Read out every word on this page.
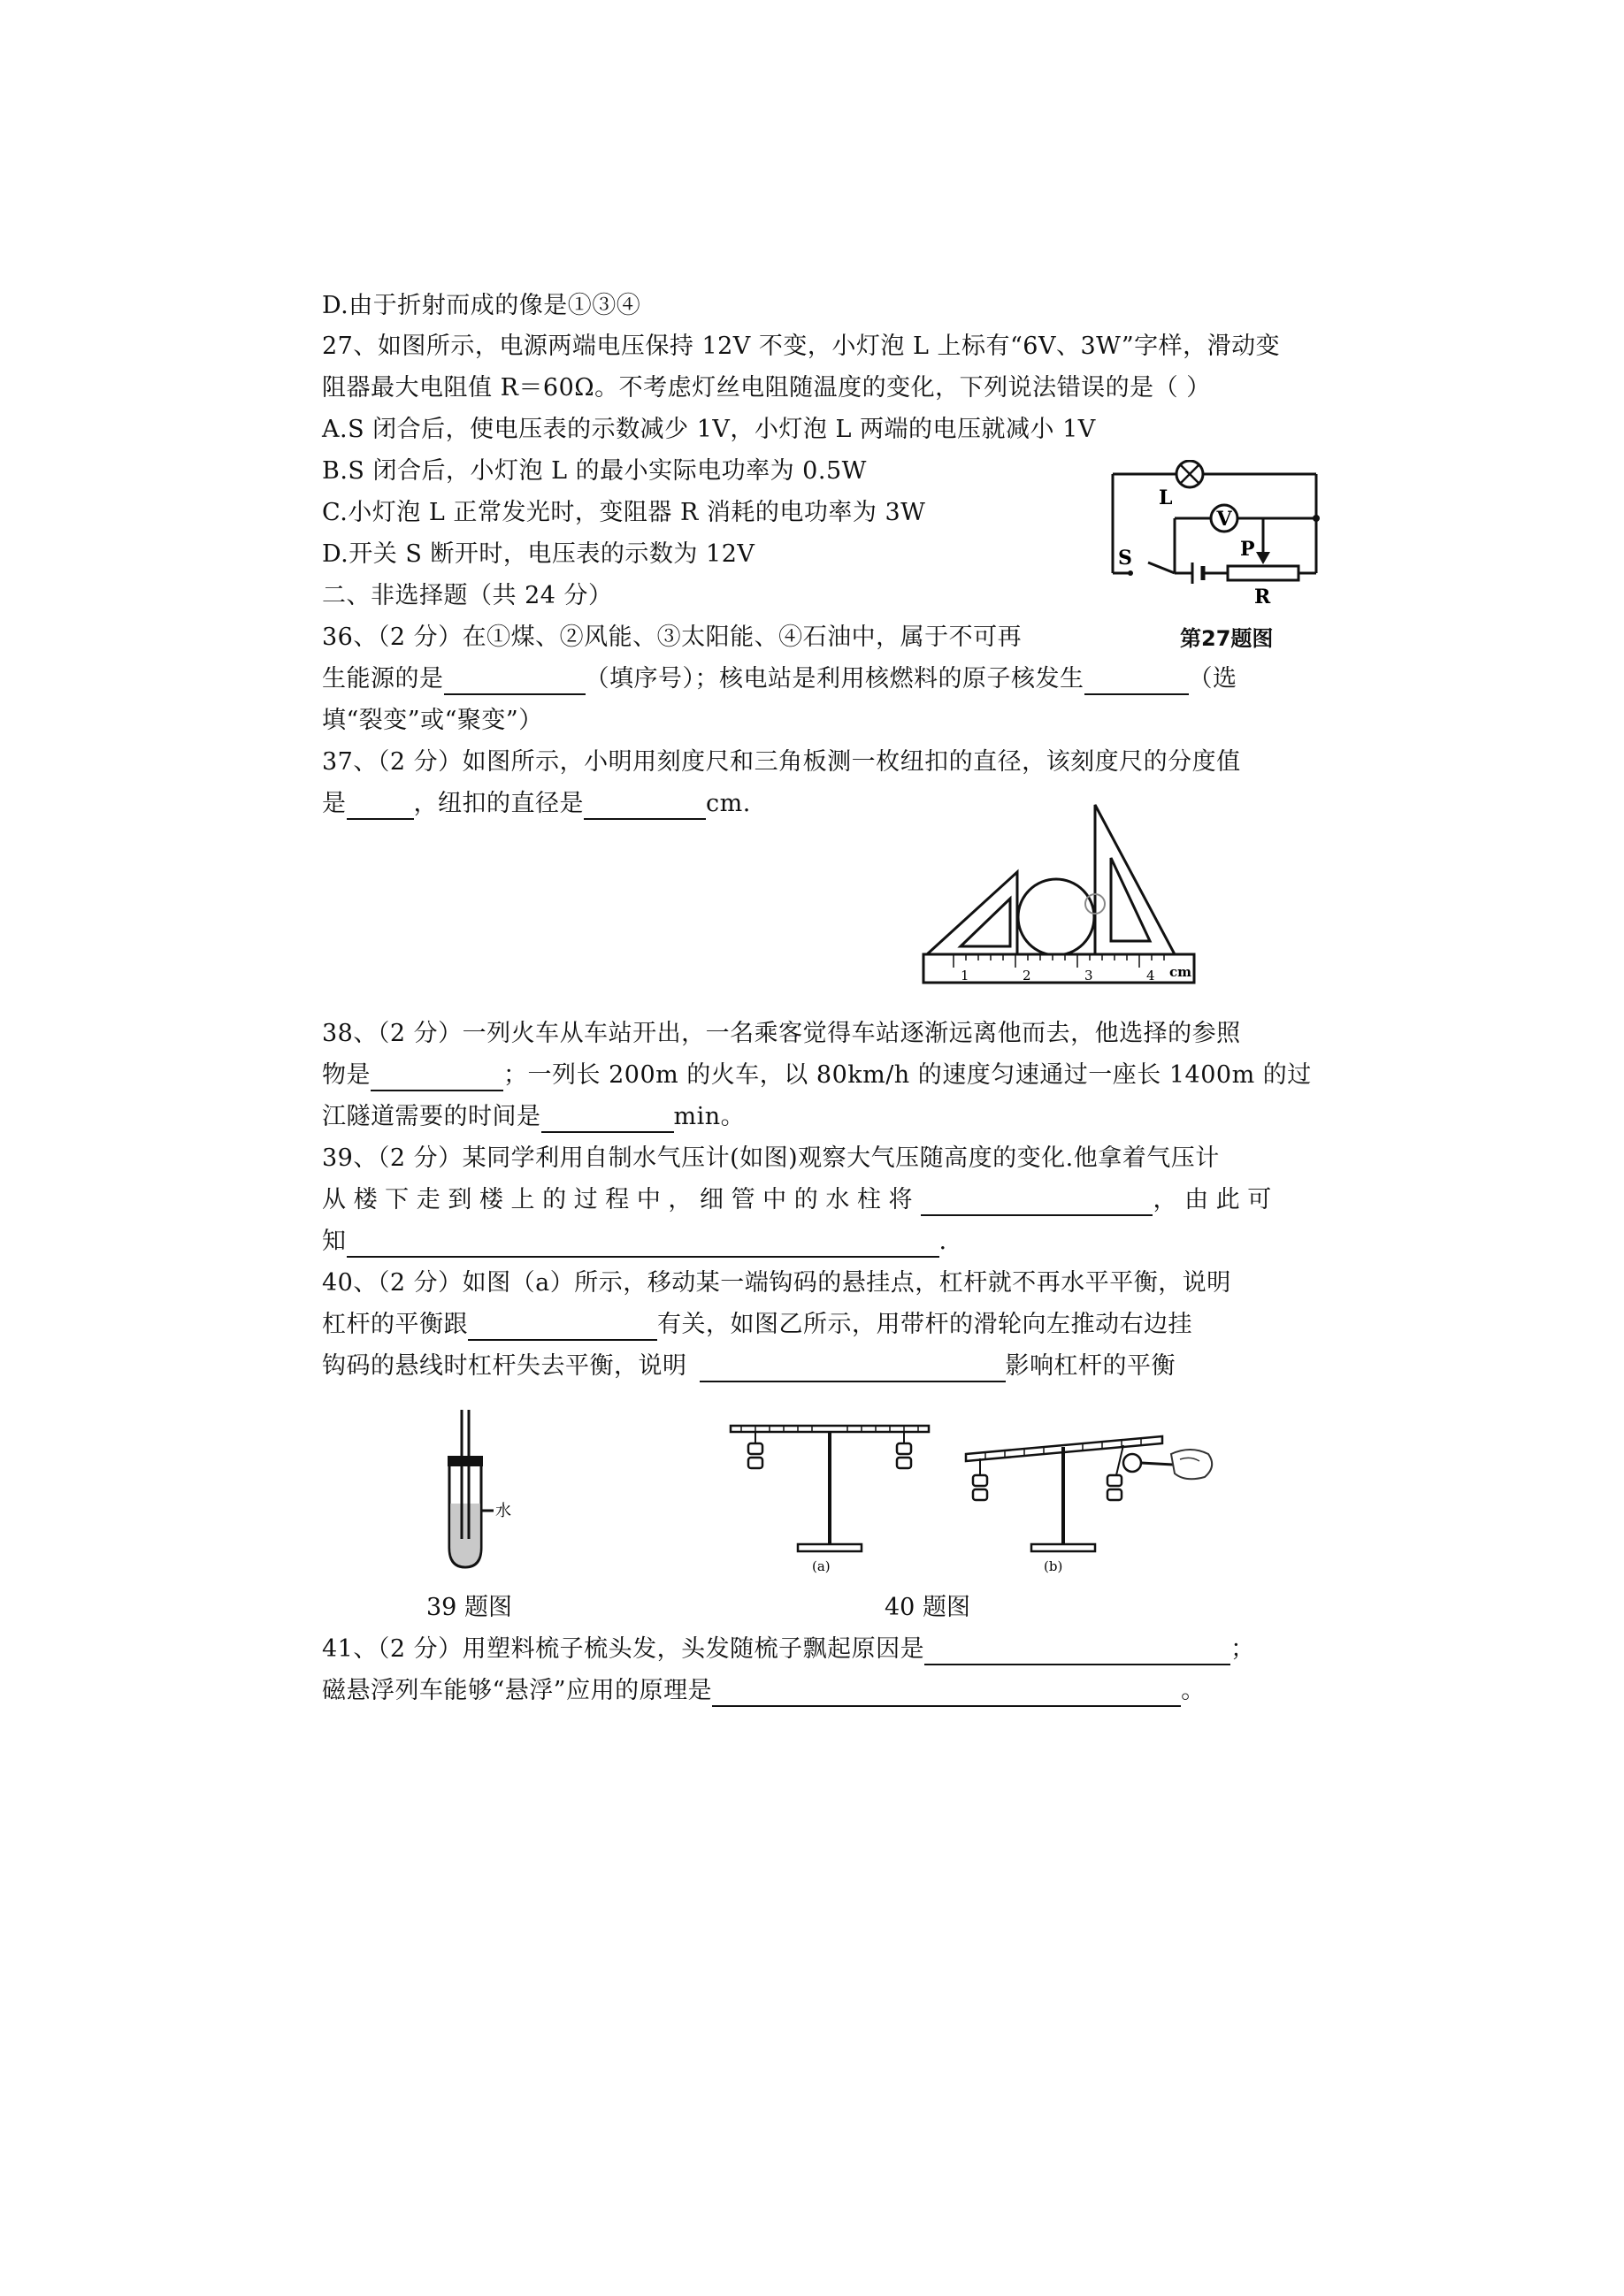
D.由于折射而成的像是①③④
27、如图所示，电源两端电压保持 12V 不变，小灯泡 L 上标有“6V、3W”字样，滑动变
阻器最大电阻值 R＝60Ω。不考虑灯丝电阻随温度的变化，下列说法错误的是（ ）
A.S 闭合后，使电压表的示数减少 1V，小灯泡 L 两端的电压就减小 1V
B.S 闭合后，小灯泡 L 的最小实际电功率为 0.5W
C.小灯泡 L 正常发光时，变阻器 R 消耗的电功率为 3W
D.开关 S 断开时，电压表的示数为 12V
V
L
S	P
R
第27题图
二、非选择题（共 24 分）
36、（2 分）在①煤、②风能、③太阳能、④石油中，属于不可再
生能源的是	（填序号）；核电站是利用核燃料的原子核发生	（选
填“裂变”或“聚变”）
37、（2 分）如图所示，小明用刻度尺和三角板测一枚纽扣的直径，该刻度尺的分度值
是	，纽扣的直径是	cm.
1	2	3	4 cm
38、（2 分）一列火车从车站开出，一名乘客觉得车站逐渐远离他而去，他选择的参照
物是	；一列长 200m 的火车，以 80km/h 的速度匀速通过一座长 1400m 的过
江隧道需要的时间是	min。
39、（2 分）某同学利用自制水气压计(如图)观察大气压随高度的变化.他拿着气压计
从 楼 下 走 到 楼 上 的 过 程 中 ， 细 管 中 的 水 柱 将	， 由 此 可
知	.
40、（2 分）如图（a）所示，移动某一端钩码的悬挂点，杠杆就不再水平平衡，说明
杠杆的平衡跟	有关，如图乙所示，用带杆的滑轮向左推动右边挂
钩码的悬线时杠杆失去平衡，说明	影响杠杆的平衡
水
39 题图
(a)	(b)
40 题图
41、（2 分）用塑料梳子梳头发，头发随梳子飘起原因是	；
磁悬浮列车能够“悬浮”应用的原理是	。
